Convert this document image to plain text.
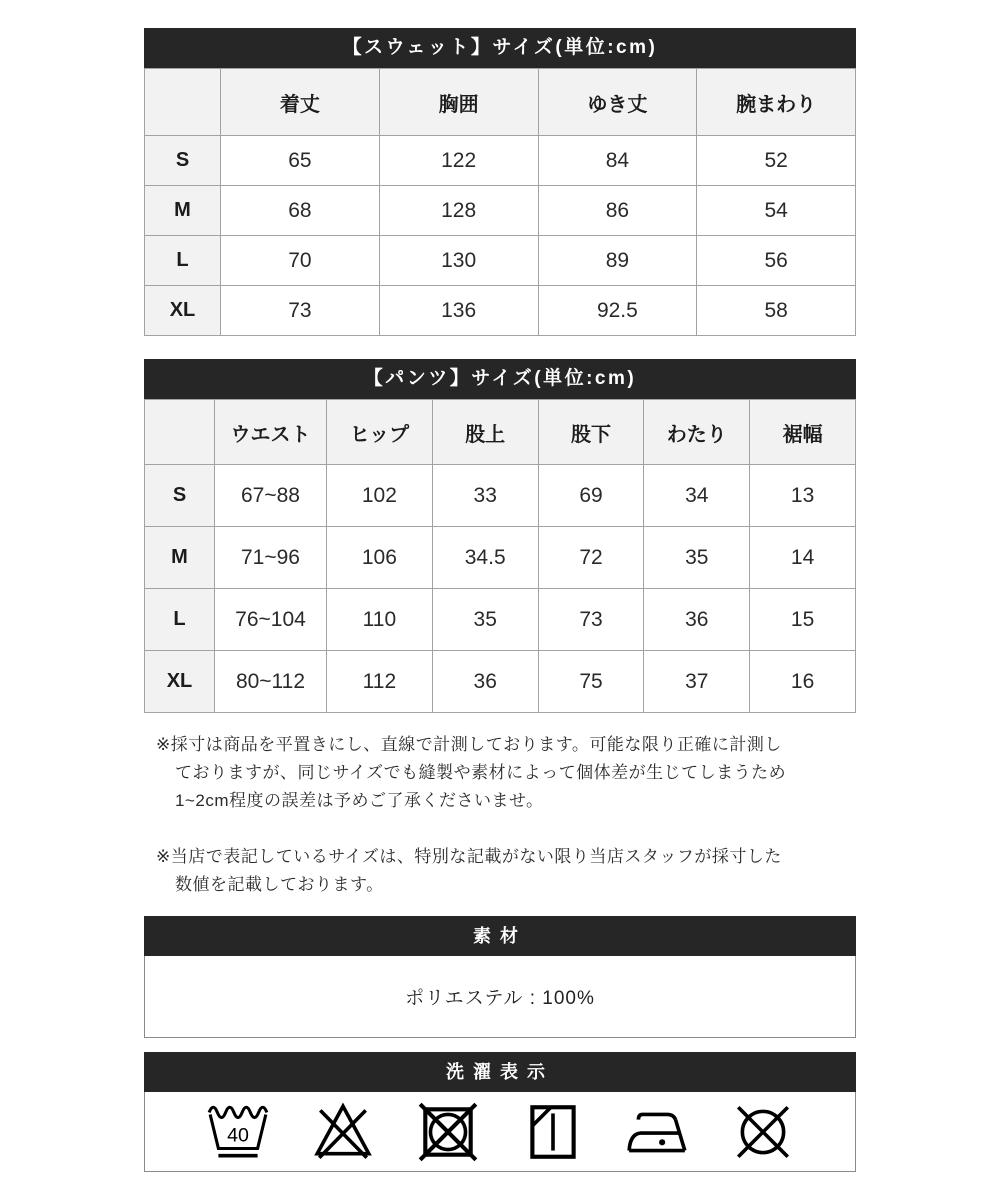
【スウェット】サイズ(単位:cm)
	着丈	胸囲	ゆき丈	腕まわり
S	65	122	84	52
M	68	128	86	54
L	70	130	89	56
XL	73	136	92.5	58
【パンツ】サイズ(単位:cm)
	ウエスト	ヒップ	股上	股下	わたり	裾幅
S	67~88	102	33	69	34	13
M	71~96	106	34.5	72	35	14
L	76~104	110	35	73	36	15
XL	80~112	112	36	75	37	16

※採寸は商品を平置きにし、直線で計測しております。可能な限り正確に計測し
ておりますが、同じサイズでも縫製や素材によって個体差が生じてしまうため
1~2cm程度の誤差は予めご了承くださいませ。

※当店で表記しているサイズは、特別な記載がない限り当店スタッフが採寸した
数値を記載しております。

素材
ポリエステル : 100%
洗濯表示
40
